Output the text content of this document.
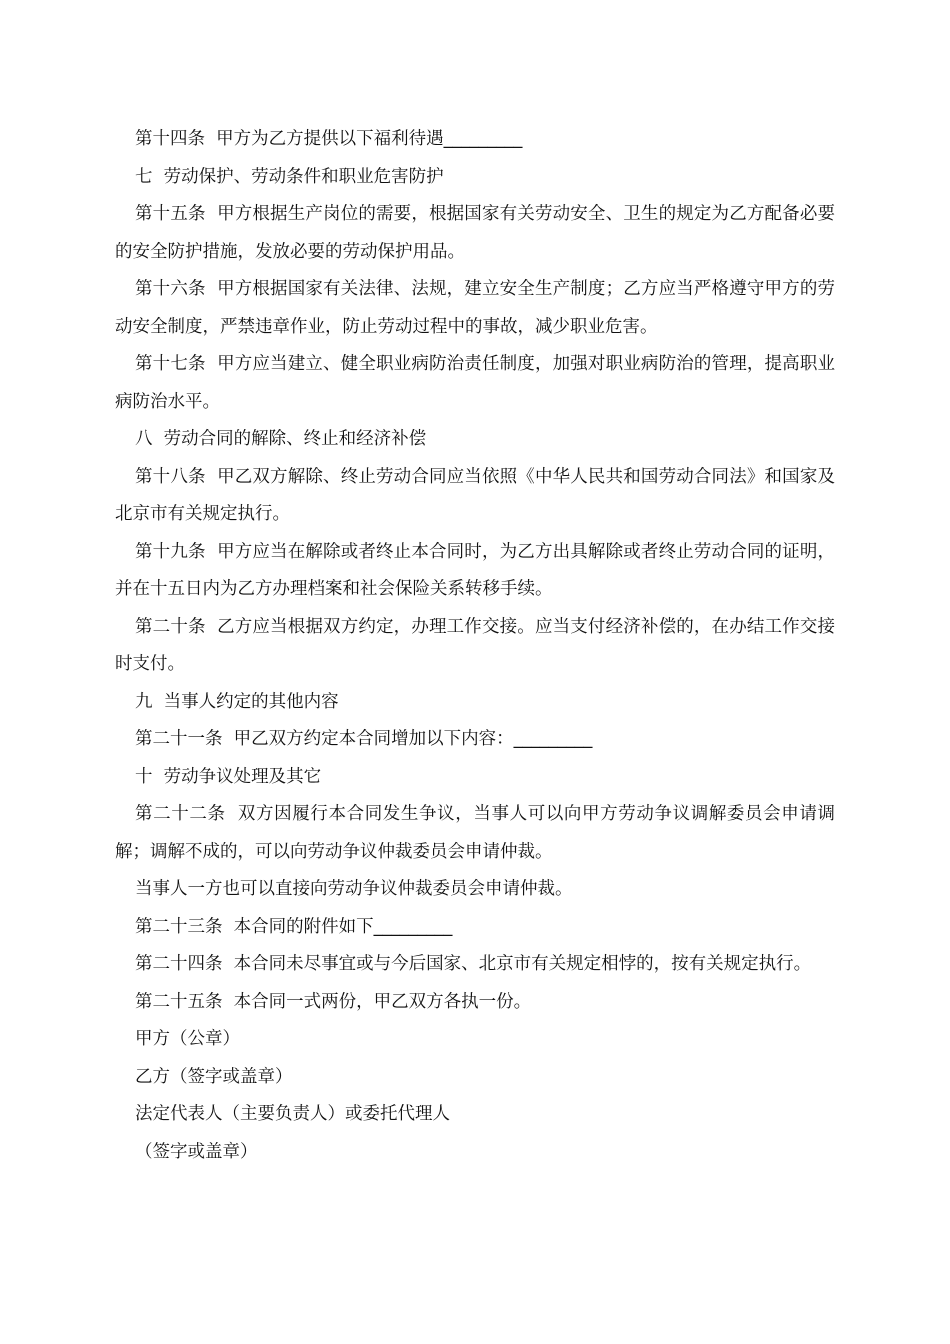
第十四条  甲方为乙方提供以下福利待遇_________

七  劳动保护、劳动条件和职业危害防护

第十五条  甲方根据生产岗位的需要，根据国家有关劳动安全、卫生的规定为乙方配备必要的安全防护措施，发放必要的劳动保护用品。

第十六条  甲方根据国家有关法律、法规，建立安全生产制度；乙方应当严格遵守甲方的劳动安全制度，严禁违章作业，防止劳动过程中的事故，减少职业危害。

第十七条  甲方应当建立、健全职业病防治责任制度，加强对职业病防治的管理，提高职业病防治水平。

八  劳动合同的解除、终止和经济补偿

第十八条  甲乙双方解除、终止劳动合同应当依照《中华人民共和国劳动合同法》和国家及北京市有关规定执行。

第十九条  甲方应当在解除或者终止本合同时，为乙方出具解除或者终止劳动合同的证明，并在十五日内为乙方办理档案和社会保险关系转移手续。

第二十条  乙方应当根据双方约定，办理工作交接。应当支付经济补偿的，在办结工作交接时支付。

九  当事人约定的其他内容

第二十一条  甲乙双方约定本合同增加以下内容：_________

十  劳动争议处理及其它

第二十二条  双方因履行本合同发生争议，当事人可以向甲方劳动争议调解委员会申请调解；调解不成的，可以向劳动争议仲裁委员会申请仲裁。

当事人一方也可以直接向劳动争议仲裁委员会申请仲裁。

第二十三条  本合同的附件如下_________

第二十四条  本合同未尽事宜或与今后国家、北京市有关规定相悖的，按有关规定执行。

第二十五条  本合同一式两份，甲乙双方各执一份。

甲方（公章）

乙方（签字或盖章）

法定代表人（主要负责人）或委托代理人

（签字或盖章）
